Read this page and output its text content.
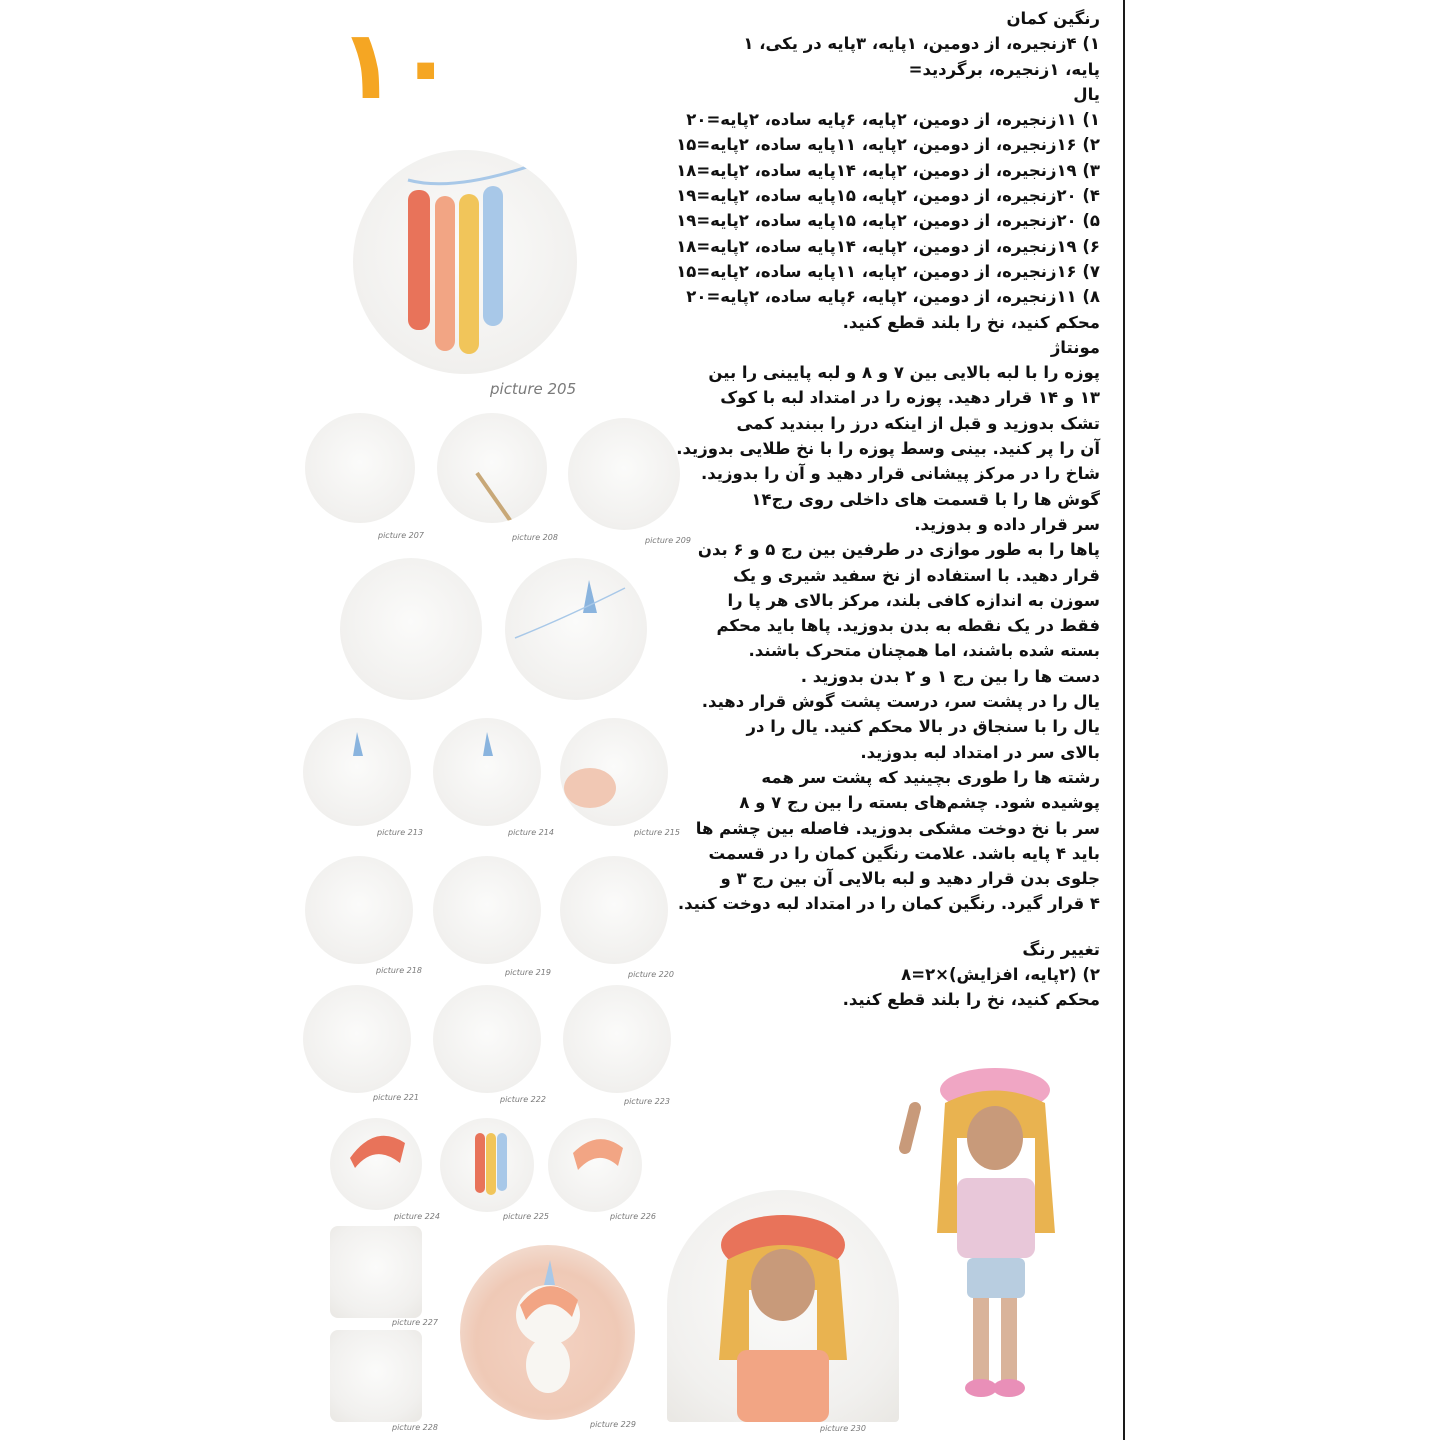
۱۰	رنگین کمان
۱) ۴زنجیره، از دومین، ۱پایه، ۳پایه در یکی، ۱
پایه، ۱زنجیره، برگردید=
یال
۱) ۱۱زنجیره، از دومین، ۲پایه، ۶پایه ساده، ۲پایه=۲۰
۲) ۱۶زنجیره، از دومین، ۲پایه، ۱۱پایه ساده، ۲پایه=۱۵
۳) ۱۹زنجیره، از دومین، ۲پایه، ۱۴پایه ساده، ۲پایه=۱۸
۴) ۲۰زنجیره، از دومین، ۲پایه، ۱۵پایه ساده، ۲پایه=۱۹
۵) ۲۰زنجیره، از دومین، ۲پایه، ۱۵پایه ساده، ۲پایه=۱۹
۶) ۱۹زنجیره، از دومین، ۲پایه، ۱۴پایه ساده، ۲پایه=۱۸
۷) ۱۶زنجیره، از دومین، ۲پایه، ۱۱پایه ساده، ۲پایه=۱۵
۸) ۱۱زنجیره، از دومین، ۲پایه، ۶پایه ساده، ۲پایه=۲۰
محکم کنید، نخ را بلند قطع کنید.
مونتاژ
پوزه را با لبه بالایی بین ۷ و ۸ و لبه پایینی را بین
۱۳ و ۱۴ قرار دهید. پوزه را در امتداد لبه با کوک
تشک بدوزید و قبل از اینکه درز را ببندید کمی
آن را پر کنید. بینی وسط پوزه را با نخ طلایی بدوزید.
شاخ را در مرکز پیشانی قرار دهید و آن را بدوزید.
گوش ها را با قسمت های داخلی روی رج۱۴
سر قرار داده و بدوزید.
پاها را به طور موازی در طرفین بین رج ۵ و ۶ بدن
قرار دهید. با استفاده از نخ سفید شیری و یک
سوزن به اندازه کافی بلند، مرکز بالای هر پا را
فقط در یک نقطه به بدن بدوزید. پاها باید محکم
بسته شده باشند، اما همچنان متحرک باشند.
دست ها را بین رج ۱ و ۲ بدن بدوزید .
یال را در پشت سر، درست پشت گوش قرار دهید.
یال را با سنجاق در بالا محکم کنید. یال را در
بالای سر در امتداد لبه بدوزید.
رشته ها را طوری بچینید که پشت سر همه
پوشیده شود. چشم‌های بسته را بین رج ۷ و ۸
سر با نخ دوخت مشکی بدوزید. فاصله بین چشم ها
باید ۴ پایه باشد. علامت رنگین کمان را در قسمت
جلوی بدن قرار دهید و لبه بالایی آن بین رج ۳ و
۴ قرار گیرد. رنگین کمان را در امتداد لبه دوخت کنید.
تغییر رنگ
۲) (۲پایه، افزایش)×۲=۸
محکم کنید، نخ را بلند قطع کنید.
picture 205
picture 207	picture 208	picture 209
picture 213	picture 214	picture 215
picture 218	picture 219	picture 220
picture 221	picture 222	picture 223
picture 224	picture 225	picture 226
picture 227
picture 228	picture 229	picture 230
